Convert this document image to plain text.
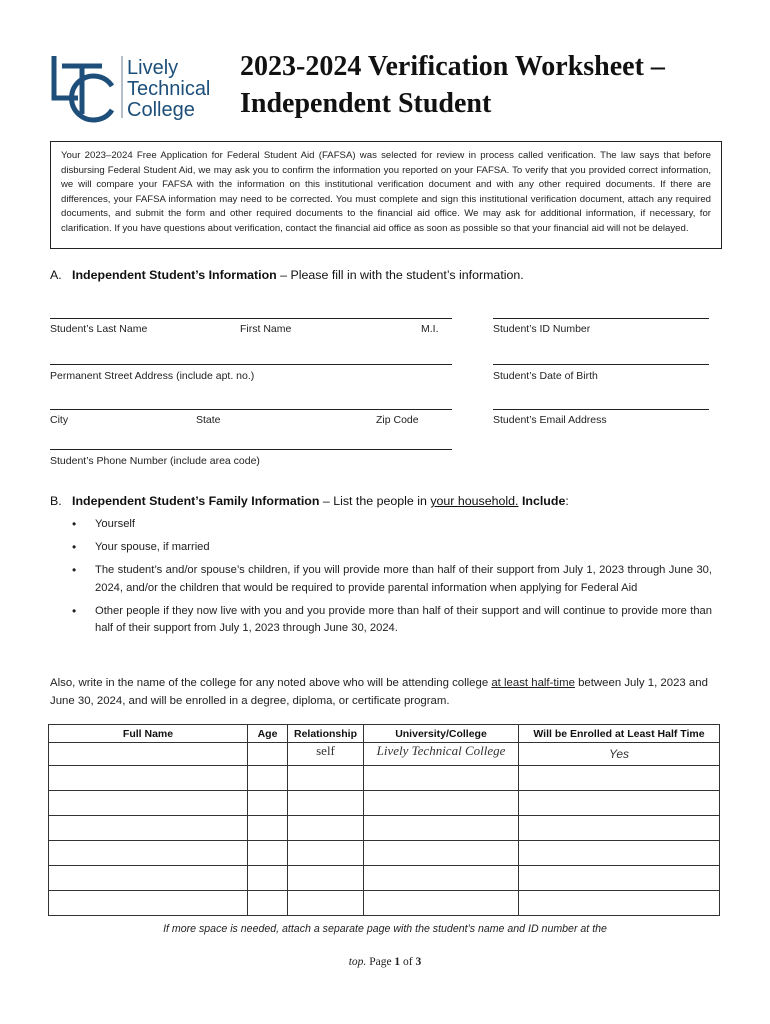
Lively
Technical
College
2023-2024 Verification Worksheet –
Independent Student
Your 2023–2024 Free Application for Federal Student Aid (FAFSA) was selected for review in process called verification. The law says that before disbursing Federal Student Aid, we may ask you to confirm the information you reported on your FAFSA. To verify that you provided correct information, we will compare your FAFSA with the information on this institutional verification document and with any other required documents. If there are differences, your FAFSA information may need to be corrected. You must complete and sign this institutional verification document, attach any required documents, and submit the form and other required documents to the financial aid office. We may ask for additional information, if necessary, for clarification. If you have questions about verification, contact the financial aid office as soon as possible so that your financial aid will not be delayed.
A. Independent Student’s Information – Please fill in with the student’s information.
Student’s Last Name	First Name	M.I.	Student’s ID Number
Permanent Street Address (include apt. no.)	Student’s Date of Birth
City	State	Zip Code	Student’s Email Address
Student’s Phone Number (include area code)
B. Independent Student’s Family Information – List the people in your household. Include:
• Yourself
• Your spouse, if married
• The student’s and/or spouse’s children, if you will provide more than half of their support from July 1, 2023 through June 30, 2024, and/or the children that would be required to provide parental information when applying for Federal Aid
• Other people if they now live with you and you provide more than half of their support and will continue to provide more than half of their support from July 1, 2023 through June 30, 2024.
Also, write in the name of the college for any noted above who will be attending college at least half-time between July 1, 2023 and June 30, 2024, and will be enrolled in a degree, diploma, or certificate program.
Full Name	Age	Relationship	University/College	Will be Enrolled at Least Half Time
		self	Lively Technical College	Yes

If more space is needed, attach a separate page with the student’s name and ID number at the
top. Page 1 of 3
